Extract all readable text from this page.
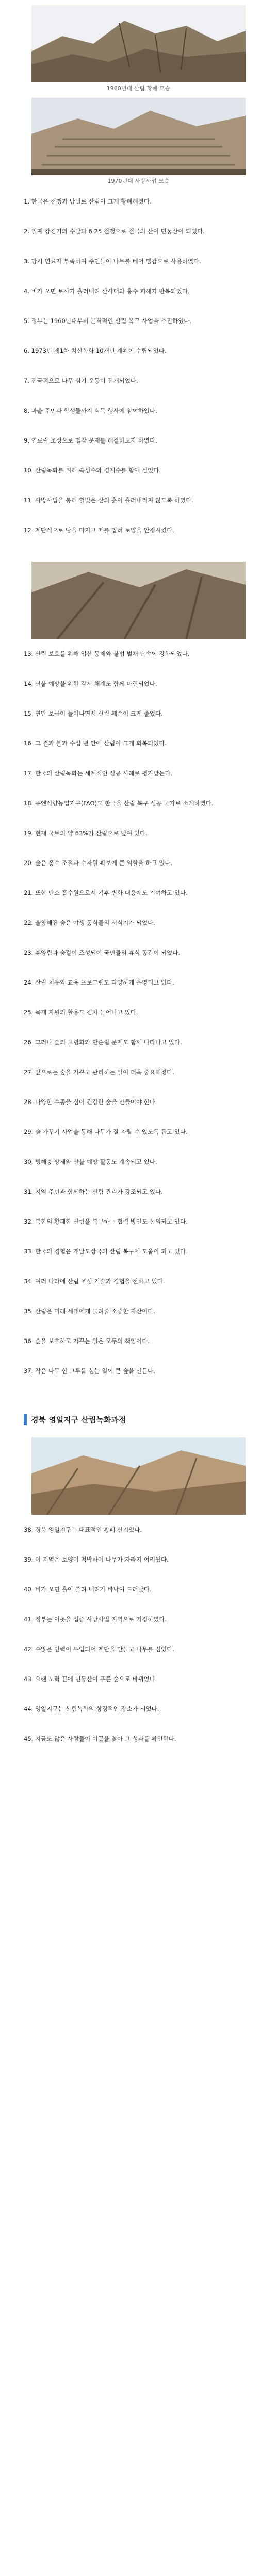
1960년대 산림 황폐 모습
1970년대 사방사업 모습

1. 한국은 전쟁과 남벌로 산림이 크게 황폐해졌다.

2. 일제 강점기의 수탈과 6·25 전쟁으로 전국의 산이 민둥산이 되었다.

3. 당시 연료가 부족하여 주민들이 나무를 베어 땔감으로 사용하였다.

4. 비가 오면 토사가 흘러내려 산사태와 홍수 피해가 반복되었다.

5. 정부는 1960년대부터 본격적인 산림 복구 사업을 추진하였다.

6. 1973년 제1차 치산녹화 10개년 계획이 수립되었다.

7. 전국적으로 나무 심기 운동이 전개되었다.

8. 마을 주민과 학생들까지 식목 행사에 참여하였다.

9. 연료림 조성으로 땔감 문제를 해결하고자 하였다.

10. 산림녹화를 위해 속성수와 경제수를 함께 심었다.

11. 사방사업을 통해 헐벗은 산의 흙이 흘러내리지 않도록 하였다.

12. 계단식으로 땅을 다지고 떼를 입혀 토양을 안정시켰다.

13. 산림 보호를 위해 입산 통제와 불법 벌채 단속이 강화되었다.

14. 산불 예방을 위한 감시 체계도 함께 마련되었다.

15. 연탄 보급이 늘어나면서 산림 훼손이 크게 줄었다.

16. 그 결과 불과 수십 년 만에 산림이 크게 회복되었다.

17. 한국의 산림녹화는 세계적인 성공 사례로 평가받는다.

18. 유엔식량농업기구(FAO)도 한국을 산림 복구 성공 국가로 소개하였다.

19. 현재 국토의 약 63%가 산림으로 덮여 있다.

20. 숲은 홍수 조절과 수자원 확보에 큰 역할을 하고 있다.

21. 또한 탄소 흡수원으로서 기후 변화 대응에도 기여하고 있다.

22. 울창해진 숲은 야생 동식물의 서식지가 되었다.

23. 휴양림과 숲길이 조성되어 국민들의 휴식 공간이 되었다.

24. 산림 치유와 교육 프로그램도 다양하게 운영되고 있다.

25. 목재 자원의 활용도 점차 늘어나고 있다.

26. 그러나 숲의 고령화와 단순림 문제도 함께 나타나고 있다.

27. 앞으로는 숲을 가꾸고 관리하는 일이 더욱 중요해졌다.

28. 다양한 수종을 심어 건강한 숲을 만들어야 한다.

29. 숲 가꾸기 사업을 통해 나무가 잘 자랄 수 있도록 돕고 있다.

30. 병해충 방제와 산불 예방 활동도 계속되고 있다.

31. 지역 주민과 함께하는 산림 관리가 강조되고 있다.

32. 북한의 황폐한 산림을 복구하는 협력 방안도 논의되고 있다.

33. 한국의 경험은 개발도상국의 산림 복구에 도움이 되고 있다.

34. 여러 나라에 산림 조성 기술과 경험을 전하고 있다.

35. 산림은 미래 세대에게 물려줄 소중한 자산이다.

36. 숲을 보호하고 가꾸는 일은 모두의 책임이다.

37. 작은 나무 한 그루를 심는 일이 큰 숲을 만든다.

경북 영일지구 산림녹화과정

38. 경북 영일지구는 대표적인 황폐 산지였다.

39. 이 지역은 토양이 척박하여 나무가 자라기 어려웠다.

40. 비가 오면 흙이 쓸려 내려가 바닥이 드러났다.

41. 정부는 이곳을 집중 사방사업 지역으로 지정하였다.

42. 수많은 인력이 투입되어 계단을 만들고 나무를 심었다.

43. 오랜 노력 끝에 민둥산이 푸른 숲으로 바뀌었다.

44. 영일지구는 산림녹화의 상징적인 장소가 되었다.

45. 지금도 많은 사람들이 이곳을 찾아 그 성과를 확인한다.
